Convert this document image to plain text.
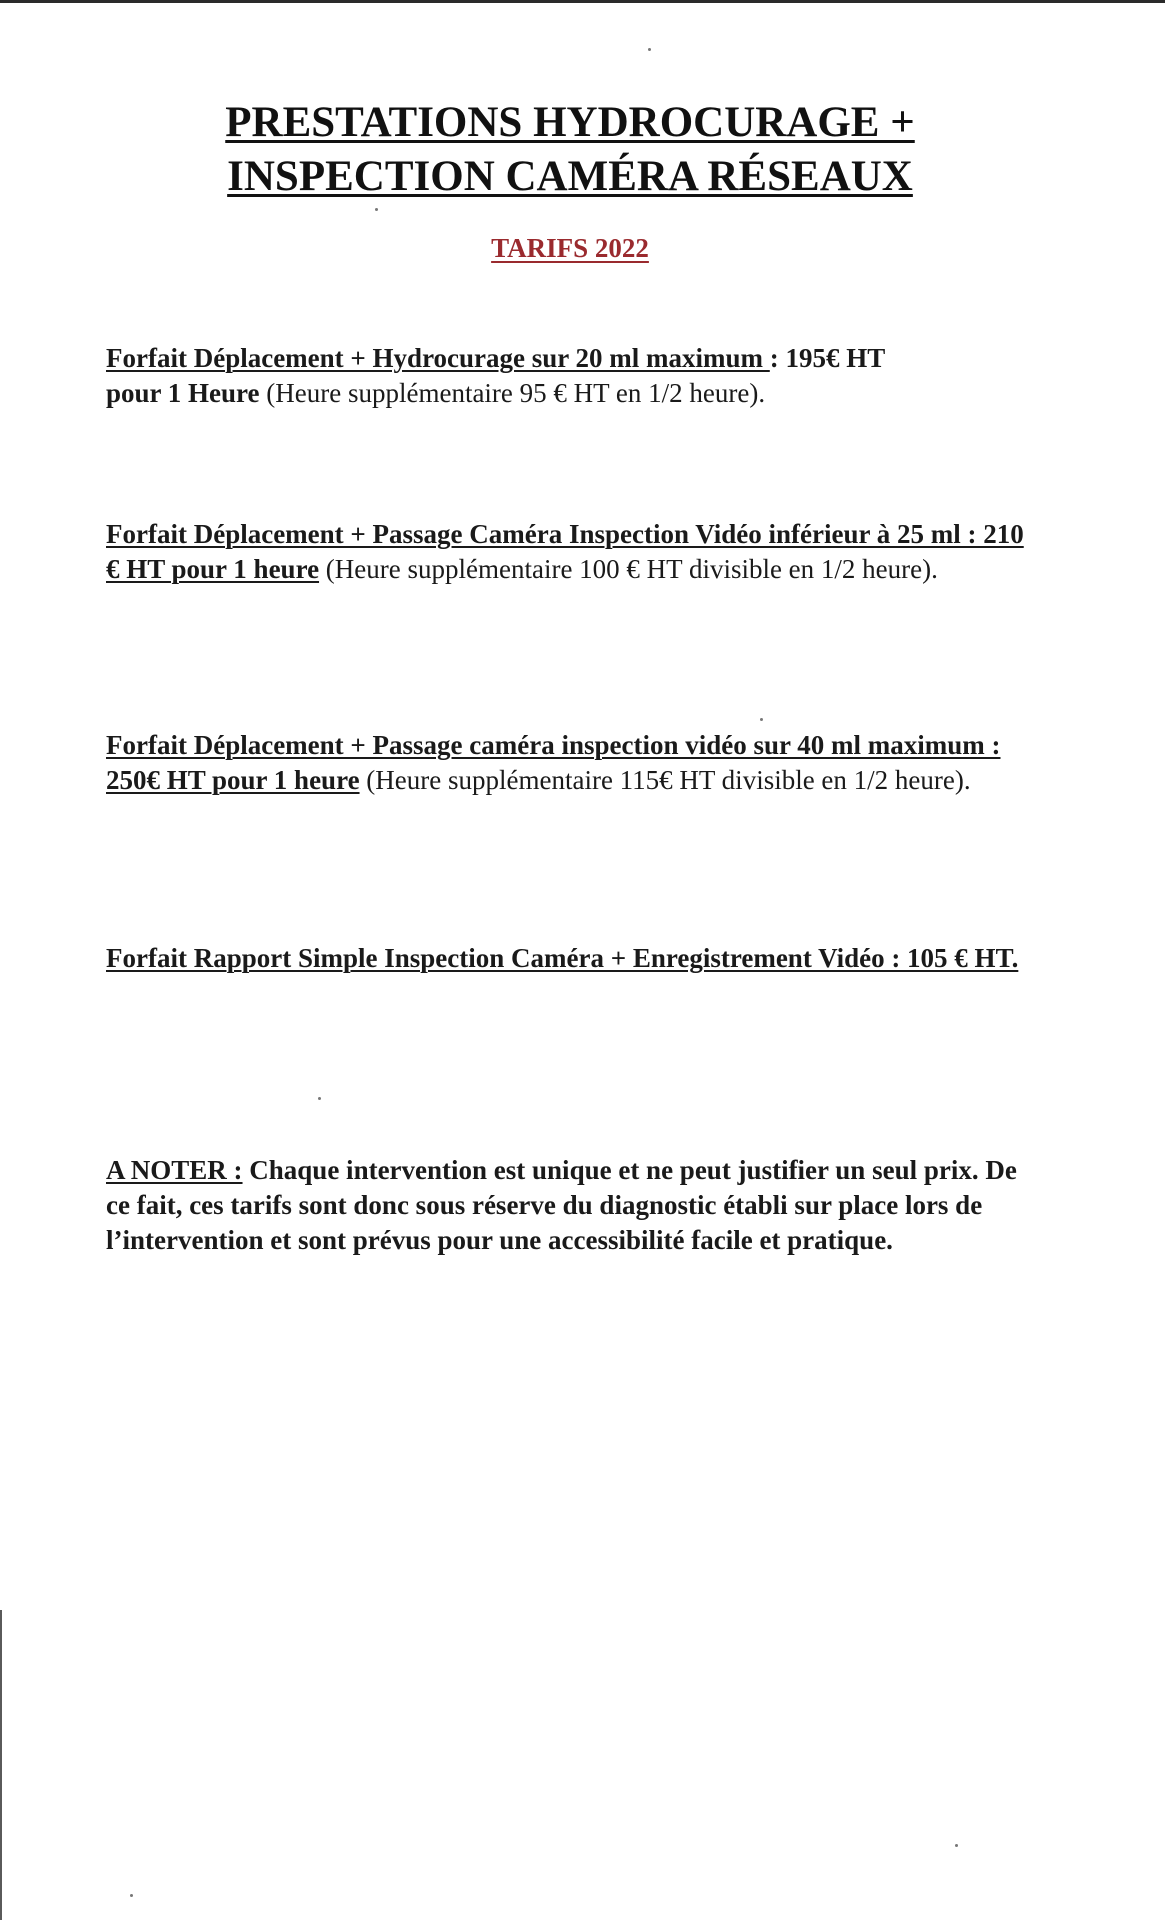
PRESTATIONS HYDROCURAGE +
INSPECTION CAMÉRA RÉSEAUX
TARIFS 2022
Forfait Déplacement + Hydrocurage sur 20 ml maximum : 195€ HT
pour 1 Heure (Heure supplémentaire 95 € HT en 1/2 heure).
Forfait Déplacement + Passage Caméra Inspection Vidéo inférieur à 25 ml : 210 € HT pour 1 heure (Heure supplémentaire 100 € HT divisible en 1/2 heure).
Forfait Déplacement + Passage caméra inspection vidéo sur 40 ml maximum : 250€ HT pour 1 heure (Heure supplémentaire 115€ HT divisible en 1/2 heure).
Forfait Rapport Simple Inspection Caméra + Enregistrement Vidéo : 105 € HT.
A NOTER : Chaque intervention est unique et ne peut justifier un seul prix. De ce fait, ces tarifs sont donc sous réserve du diagnostic établi sur place lors de l’intervention et sont prévus pour une accessibilité facile et pratique.
